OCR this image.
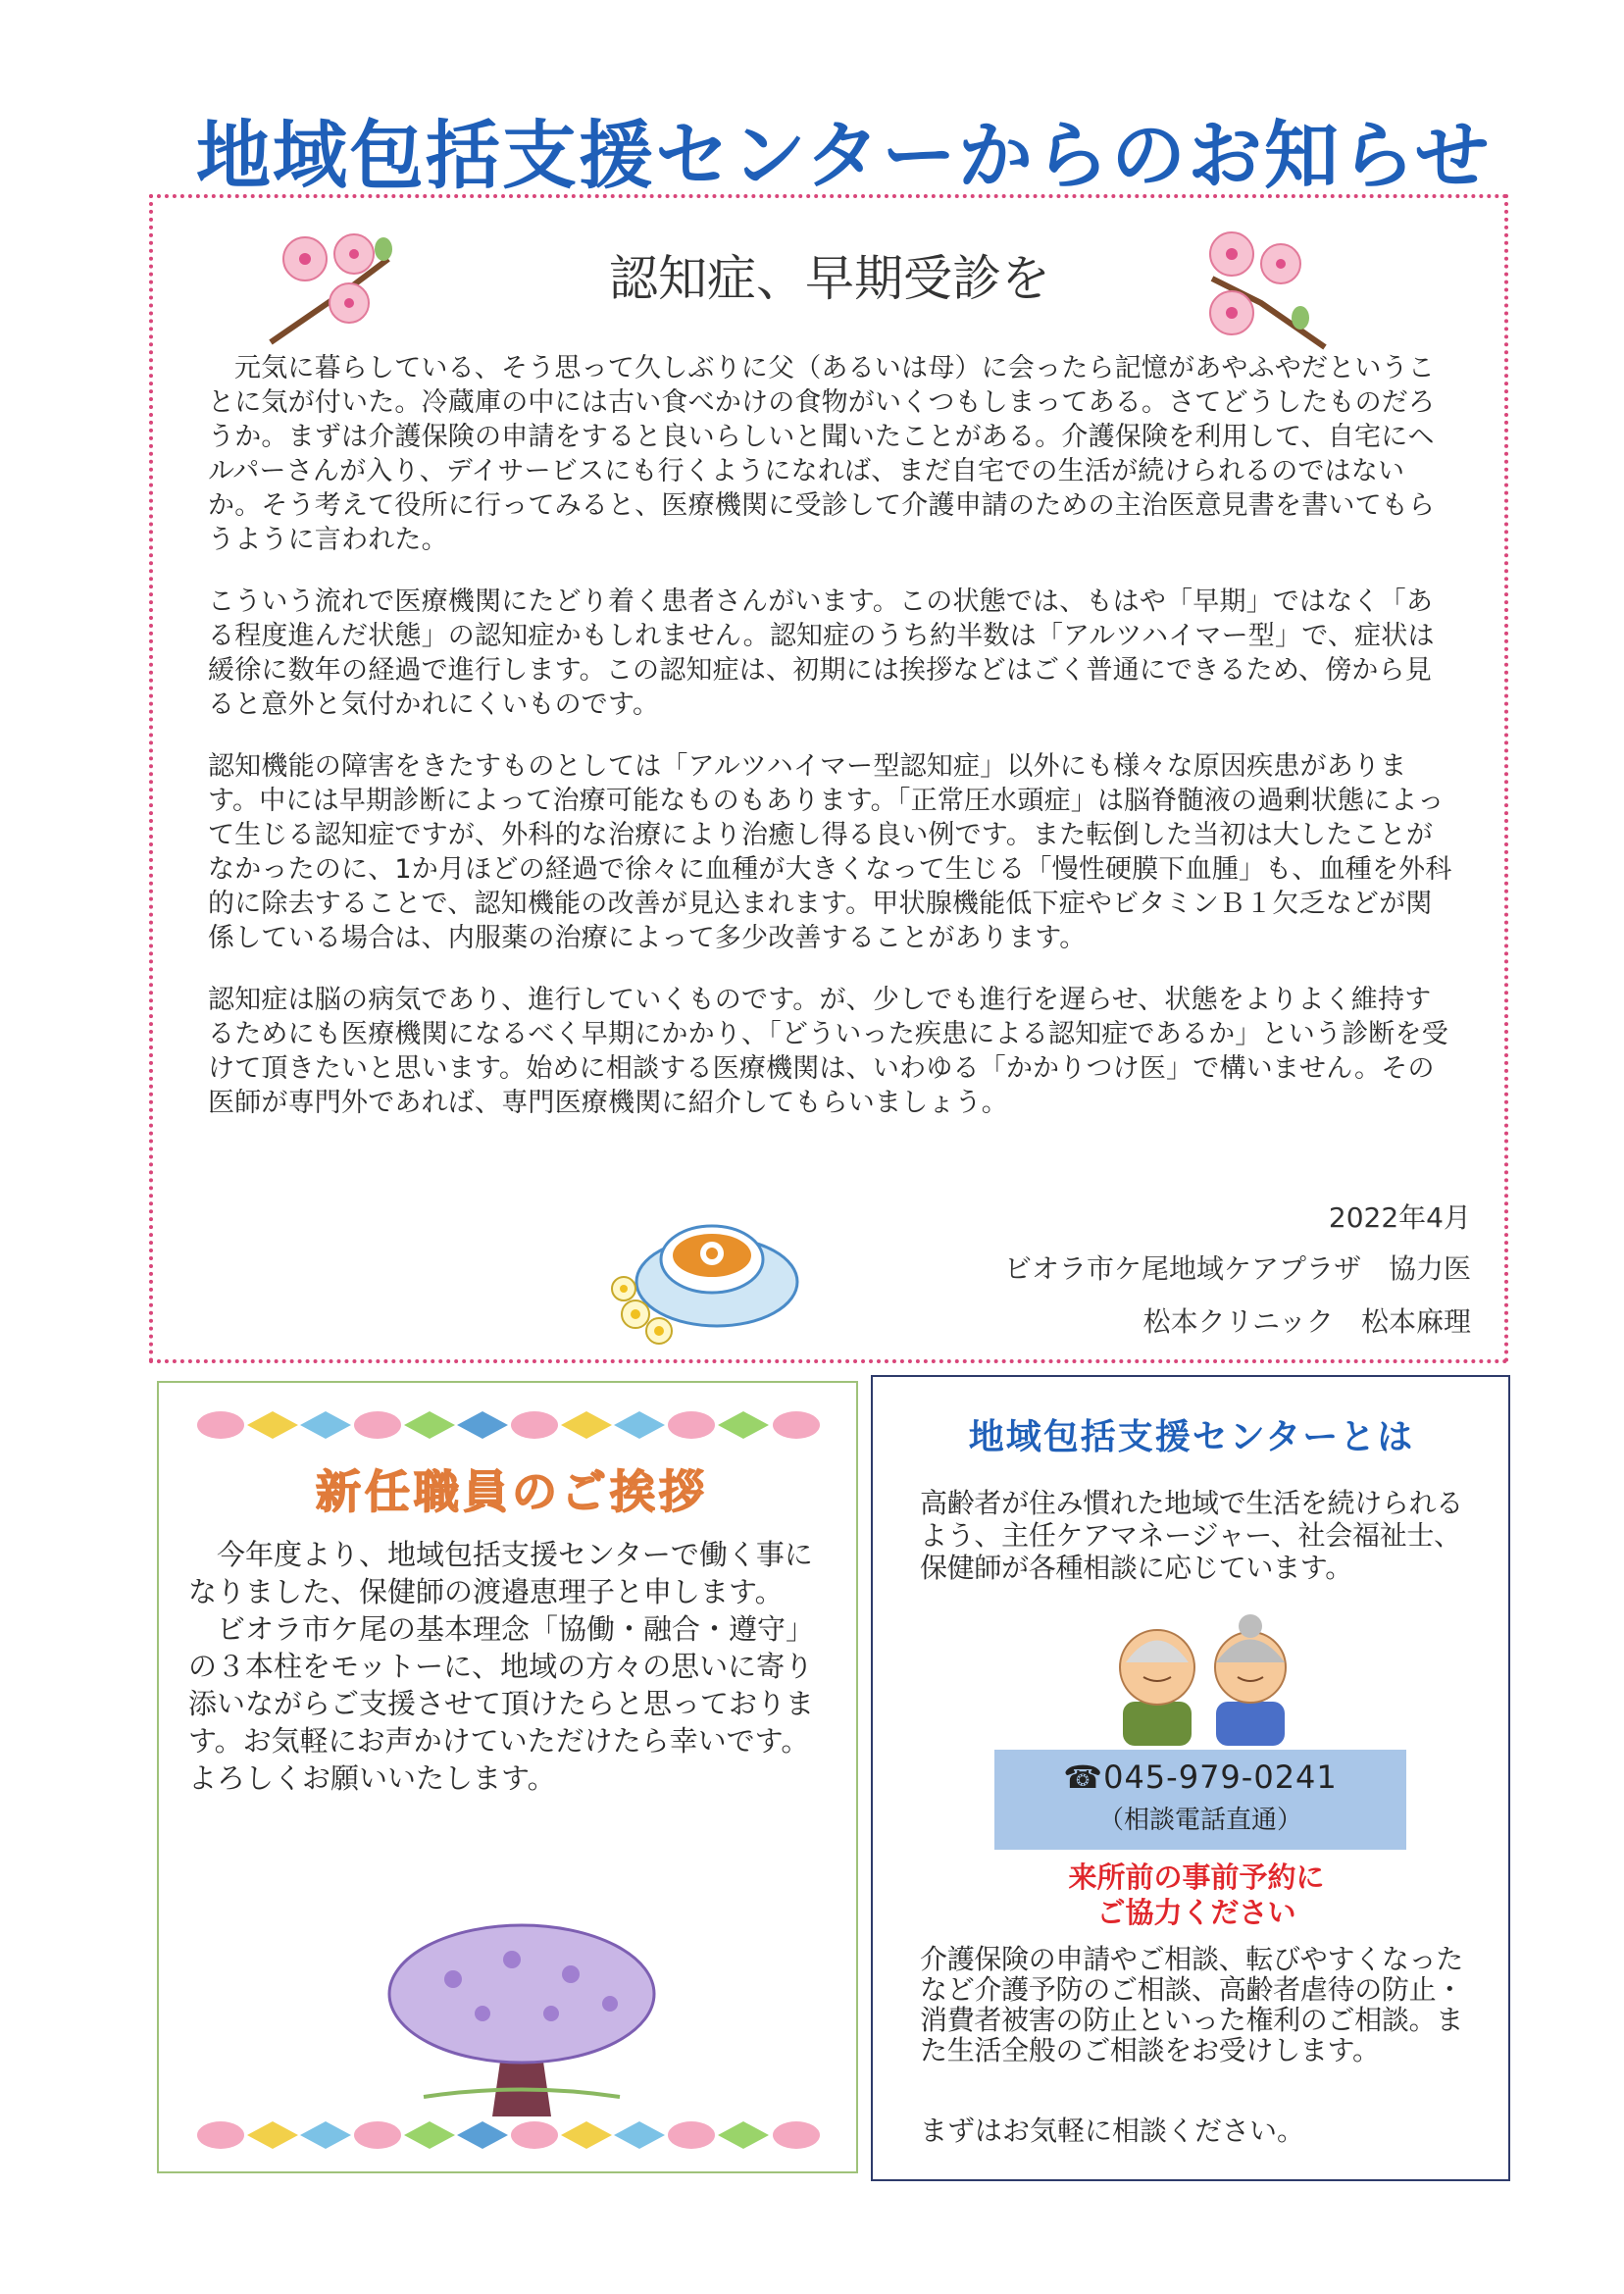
地域包括支援センターからのお知らせ
認知症、早期受診を

元気に暮らしている、そう思って久しぶりに父（あるいは母）に会ったら記憶があやふやだということに気が付いた。冷蔵庫の中には古い食べかけの食物がいくつもしまってある。さてどうしたものだろうか。まずは介護保険の申請をすると良いらしいと聞いたことがある。介護保険を利用して、自宅にヘルパーさんが入り、デイサービスにも行くようになれば、まだ自宅での生活が続けられるのではないか。そう考えて役所に行ってみると、医療機関に受診して介護申請のための主治医意見書を書いてもらうように言われた。

こういう流れで医療機関にたどり着く患者さんがいます。この状態では、もはや「早期」ではなく「ある程度進んだ状態」の認知症かもしれません。認知症のうち約半数は「アルツハイマー型」で、症状は緩徐に数年の経過で進行します。この認知症は、初期には挨拶などはごく普通にできるため、傍から見ると意外と気付かれにくいものです。

認知機能の障害をきたすものとしては「アルツハイマー型認知症」以外にも様々な原因疾患があります。中には早期診断によって治療可能なものもあります。「正常圧水頭症」は脳脊髄液の過剰状態によって生じる認知症ですが、外科的な治療により治癒し得る良い例です。また転倒した当初は大したことがなかったのに、1か月ほどの経過で徐々に血種が大きくなって生じる「慢性硬膜下血腫」も、血種を外科的に除去することで、認知機能の改善が見込まれます。甲状腺機能低下症やビタミンＢ１欠乏などが関係している場合は、内服薬の治療によって多少改善することがあります。

認知症は脳の病気であり、進行していくものです。が、少しでも進行を遅らせ、状態をよりよく維持するためにも医療機関になるべく早期にかかり、「どういった疾患による認知症であるか」という診断を受けて頂きたいと思います。始めに相談する医療機関は、いわゆる「かかりつけ医」で構いません。その医師が専門外であれば、専門医療機関に紹介してもらいましょう。

2022年4月
ビオラ市ケ尾地域ケアプラザ　協力医
松本クリニック　松本麻理
新任職員のご挨拶

今年度より、地域包括支援センターで働く事になりました、保健師の渡邉恵理子と申します。

ビオラ市ケ尾の基本理念「協働・融合・遵守」の３本柱をモットーに、地域の方々の思いに寄り添いながらご支援させて頂けたらと思っております。お気軽にお声かけていただけたら幸いです。よろしくお願いいたします。

地域包括支援センターとは
高齢者が住み慣れた地域で生活を続けられるよう、主任ケアマネージャー、社会福祉士、保健師が各種相談に応じています。
☎045-979-0241
（相談電話直通）
来所前の事前予約に
ご協力ください
介護保険の申請やご相談、転びやすくなったなど介護予防のご相談、高齢者虐待の防止・消費者被害の防止といった権利のご相談。また生活全般のご相談をお受けします。
まずはお気軽に相談ください。
